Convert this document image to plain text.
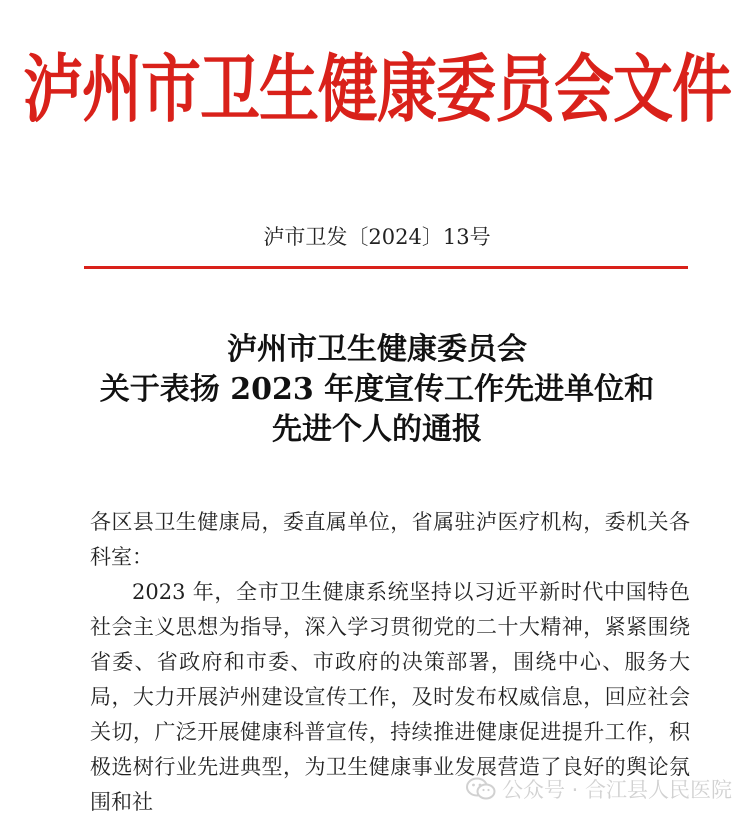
泸州市卫生健康委员会文件
泸市卫发〔2024〕13号
泸州市卫生健康委员会
关于表扬 2023 年度宣传工作先进单位和
先进个人的通报

各区县卫生健康局，委直属单位，省属驻泸医疗机构，委机关各科室：

2023 年，全市卫生健康系统坚持以习近平新时代中国特色社会主义思想为指导，深入学习贯彻党的二十大精神，紧紧围绕省委、省政府和市委、市政府的决策部署，围绕中心、服务大局，大力开展泸州建设宣传工作，及时发布权威信息，回应社会关切，广泛开展健康科普宣传，持续推进健康促进提升工作，积极选树行业先进典型，为卫生健康事业发展营造了良好的舆论氛围和社	公众号 · 合江县人民医院
